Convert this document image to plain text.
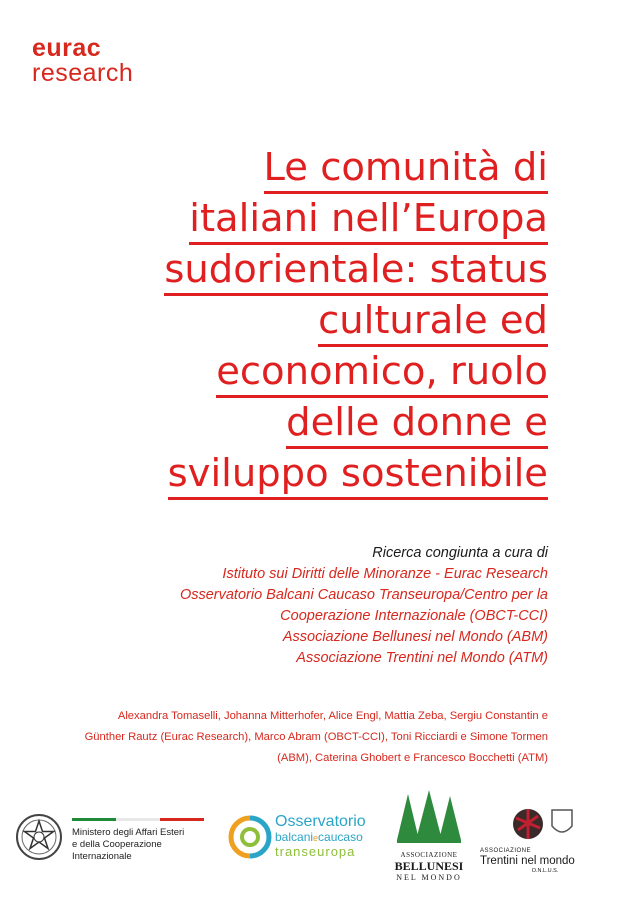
eurac
research
Le comunità di
italiani nell’Europa
sudorientale: status
culturale ed
economico, ruolo
delle donne e
sviluppo sostenibile
Ricerca congiunta a cura di
Istituto sui Diritti delle Minoranze - Eurac Research
Osservatorio Balcani Caucaso Transeuropa/Centro per la
Cooperazione Internazionale (OBCT-CCI)
Associazione Bellunesi nel Mondo (ABM)
Associazione Trentini nel Mondo (ATM)
Alexandra Tomaselli, Johanna Mitterhofer, Alice Engl, Mattia Zeba, Sergiu Constantin e
Günther Rautz (Eurac Research), Marco Abram (OBCT-CCI), Toni Ricciardi e Simone Tormen
(ABM), Caterina Ghobert e Francesco Bocchetti (ATM)
Ministero degli Affari Esteri
e della Cooperazione Internazionale
Osservatorio
balcaniecaucaso
transeuropa	ASSOCIAZIONE
BELLUNESI
NEL MONDO
ASSOCIAZIONE
Trentini nel mondo
O.N.L.U.S.
